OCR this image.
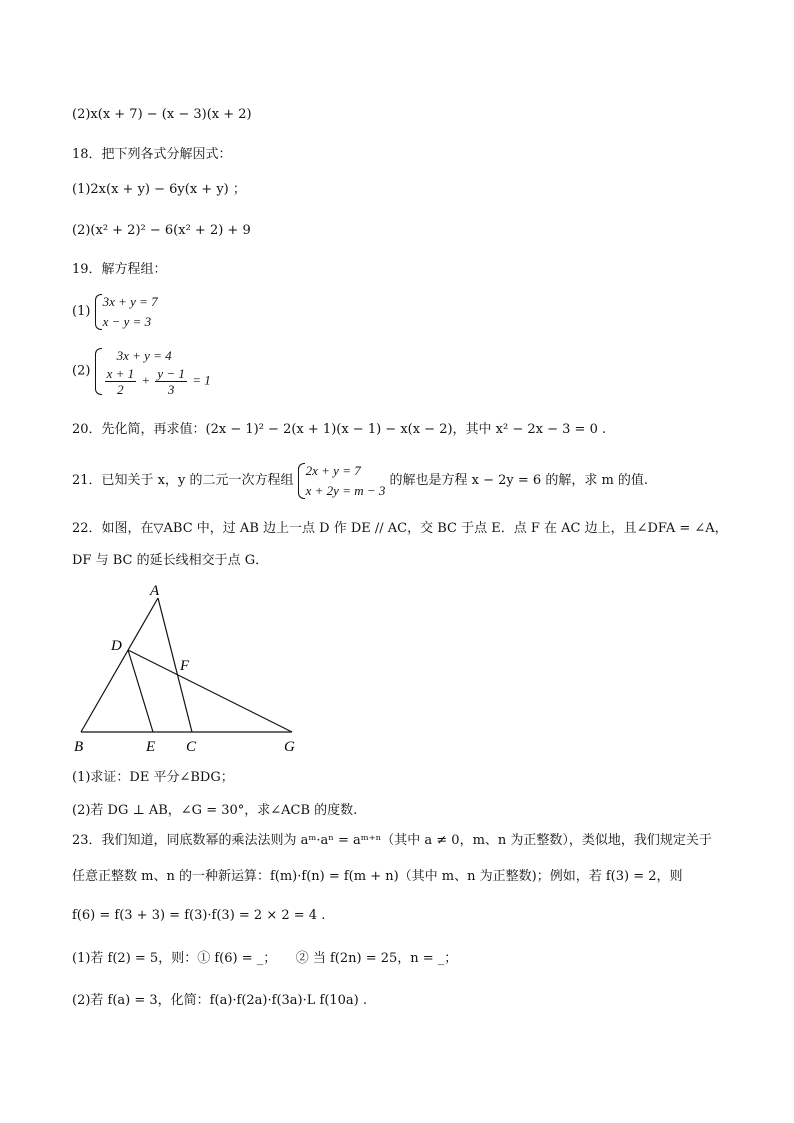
(2)x(x + 7) − (x − 3)(x + 2)
18．把下列各式分解因式：
(1)2x(x + y) − 6y(x + y) ；
(2)(x² + 2)² − 6(x² + 2) + 9
19．解方程组：
(1)
3x + y = 7
x − y = 3
(2)
3x + y = 4
$\frac{x + 1}{2} + \frac{y - 1}{3} = 1$
20．先化简，再求值：(2x − 1)² − 2(x + 1)(x − 1) − x(x − 2)，其中 x² − 2x − 3 = 0 .
21．已知关于 x，y 的二元一次方程组
2x + y = 7
x + 2y = m − 3
的解也是方程 x − 2y = 6 的解，求 m 的值.
22．如图，在▽ABC 中，过 AB 边上一点 D 作 DE // AC，交 BC 于点 E．点 F 在 AC 边上，且∠DFA = ∠A，
DF 与 BC 的延长线相交于点 G．
A
D
F
B	E C	G
(1)求证：DE 平分∠BDG；
(2)若 DG ⊥ AB，∠G = 30°，求∠ACB 的度数.
23．我们知道，同底数幂的乘法法则为 aᵐ·aⁿ = aᵐ⁺ⁿ（其中 a ≠ 0，m、n 为正整数），类似地，我们规定关于
任意正整数 m、n 的一种新运算：f(m)·f(n) = f(m + n)（其中 m、n 为正整数)；例如，若 f(3) = 2，则
f(6) = f(3 + 3) = f(3)·f(3) = 2 × 2 = 4 .
(1)若 f(2) = 5，则：① f(6) = _；　　② 当 f(2n) = 25，n = _；
(2)若 f(a) = 3，化简：f(a)·f(2a)·f(3a)·L f(10a) .
